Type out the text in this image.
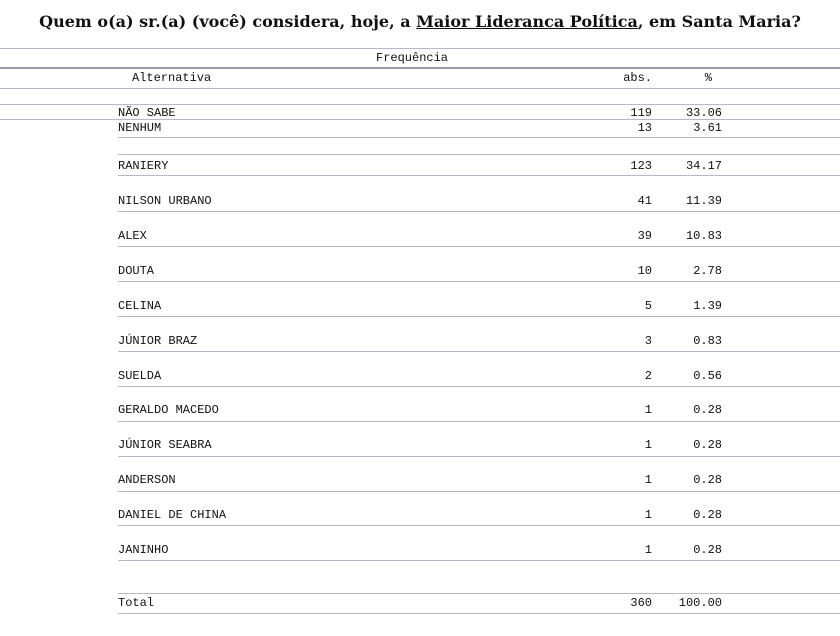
Quem o(a) sr.(a) (você) considera, hoje, a Maior Lideranca Política, em Santa Maria?
Frequência
Alternativa	abs.	%
NÃO SABE	119	33.06
NENHUM	13	3.61
RANIERY	123	34.17
NILSON URBANO	41	11.39
ALEX	39	10.83
DOUTA	10	2.78
CELINA	5	1.39
JÚNIOR BRAZ	3	0.83
SUELDA	2	0.56
GERALDO MACEDO	1	0.28
JÚNIOR SEABRA	1	0.28
ANDERSON	1	0.28
DANIEL DE CHINA	1	0.28
JANINHO	1	0.28
Total	360 100.00
